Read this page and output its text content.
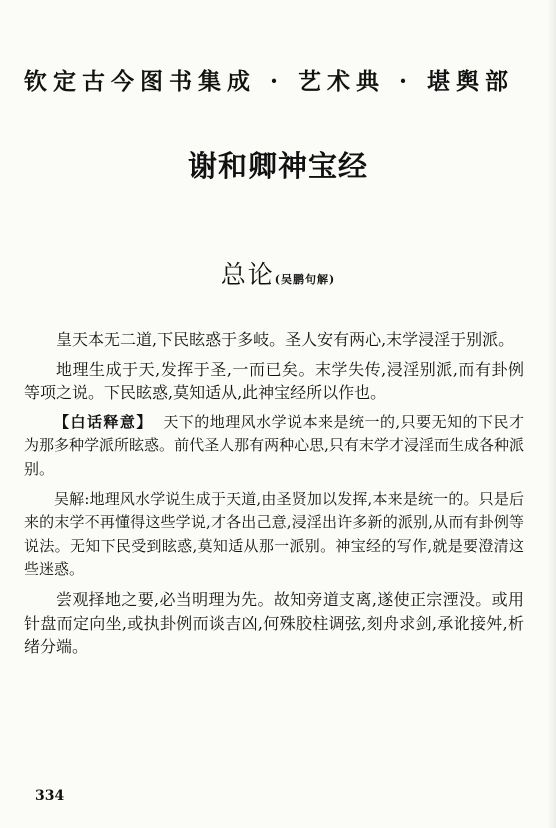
钦定古今图书集成 · 艺术典 · 堪舆部
谢和卿神宝经
总论(吴鹏句解)

皇天本无二道,下民眩惑于多岐。圣人安有两心,末学浸淫于别派。

地理生成于天,发挥于圣,一而已矣。末学失传,浸淫别派,而有卦例等项之说。下民眩惑,莫知适从,此神宝经所以作也。

【白话释意】 天下的地理风水学说本来是统一的,只要无知的下民才为那多种学派所眩惑。前代圣人那有两种心思,只有末学才浸淫而生成各种派别。

吴解:地理风水学说生成于天道,由圣贤加以发挥,本来是统一的。只是后来的末学不再懂得这些学说,才各出己意,浸淫出许多新的派别,从而有卦例等说法。无知下民受到眩惑,莫知适从那一派别。神宝经的写作,就是要澄清这些迷惑。

尝观择地之要,必当明理为先。故知旁道支离,遂使正宗湮没。或用针盘而定向坐,或执卦例而谈吉凶,何殊胶柱调弦,刻舟求剑,承讹接舛,析绪分端。

334
